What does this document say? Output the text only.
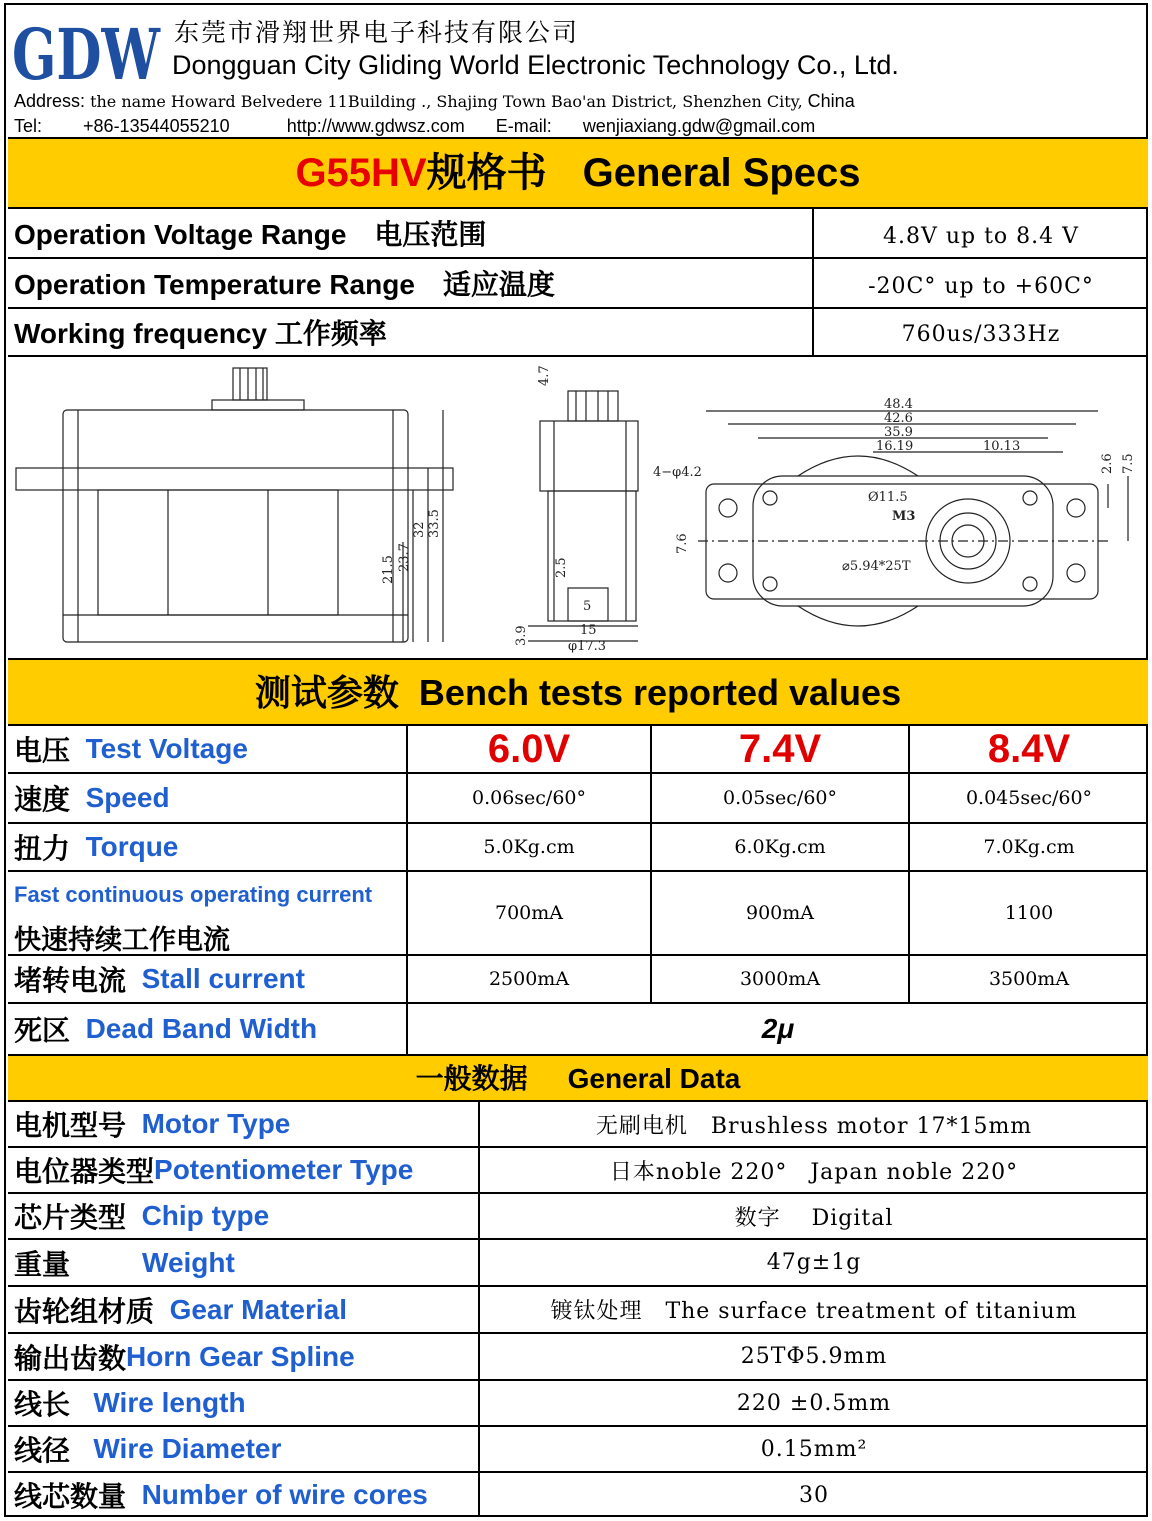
GDW 东莞市滑翔世界电子科技有限公司
Dongguan City Gliding World Electronic Technology Co., Ltd.
Address: the name Howard Belvedere 11Building ., Shajing Town Bao'an District, Shenzhen City, China
Tel: +86-13544055210	http://www.gdwsz.com E-mail: wenjiaxiang.gdw@gmail.com
G55HV规格书 General Specs
Operation Voltage Range　电压范围	4.8V up to 8.4 V
Operation Temperature Range　适应温度	-20C° up to +60C°
Working frequency 工作频率	760us/333Hz
21.5 23.7
32 33.5
4.7
2.5
5
15
3.9
φ17.3
48.4
42.6
35.9
16.19	10.13
2.6 7.5
4−φ4.2
7.6
Ø11.5
M3
⌀5.94*25T
测试参数 Bench tests reported values
电压
Test Voltage	6.0V	7.4V	8.4V
速度
Speed	0.06sec/60°	0.05sec/60°	0.045sec/60°
扭力
Torque	5.0Kg.cm	6.0Kg.cm	7.0Kg.cm
Fast continuous operating current
快速持续工作电流
700mA	900mA	1100
堵转电流
Stall current	2500mA	3000mA	3500mA
死区
Dead Band Width	2μ
一般数据 General Data
电机型号
Motor Type	无刷电机　Brushless motor 17*15mm
电位器类型 Potentiometer Type	日本noble 220°　Japan noble 220°
芯片类型
Chip type	数字　 Digital
重量	Weight	47g±1g
齿轮组材质
Gear Material	镀钛处理　The surface treatment of titanium
输出齿数 Horn Gear Spline	25TΦ5.9mm
线长
Wire length	220 ±0.5mm
线径
Wire Diameter	0.15mm²
线芯数量
Number of wire cores	30
